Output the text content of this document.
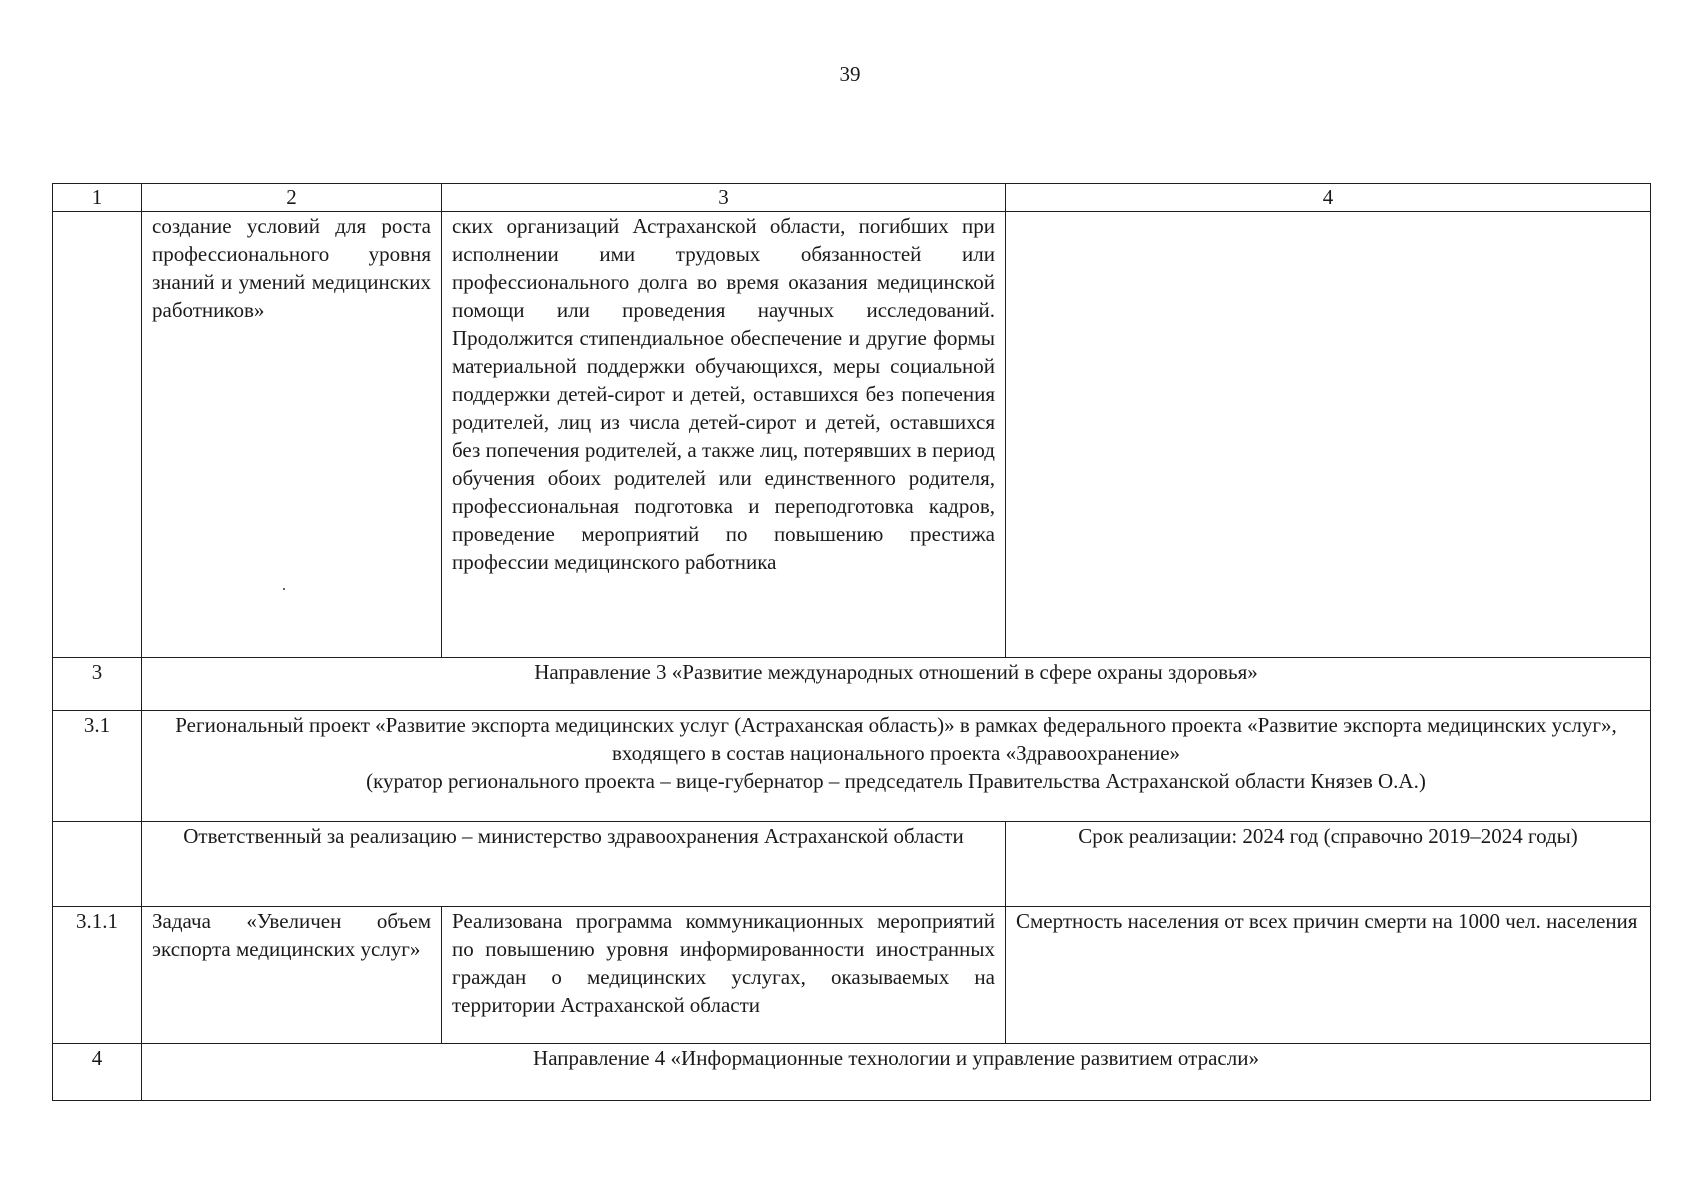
39
1	2	3	4
	создание условий для роста профессионального уровня знаний и умений медицинских работников»	ских организаций Астраханской области, погибших при исполнении ими трудовых обязанностей или профессионального долга во время оказания медицинской помощи или проведения научных исследований. Продолжится стипендиальное обеспечение и другие формы материальной поддержки обучающихся, меры социальной поддержки детей-сирот и детей, оставшихся без попечения родителей, лиц из числа детей-сирот и детей, оставшихся без попечения родителей, а также лиц, потерявших в период обучения обоих родителей или единственного родителя, профессиональная подготовка и переподготовка кадров, проведение мероприятий по повышению престижа профессии медицинского работника	
3	Направление 3 «Развитие международных отношений в сфере охраны здоровья»		
3.1	Региональный проект «Развитие экспорта медицинских услуг (Астраханская область)» в рамках федерального проекта «Развитие экспорта медицинских услуг», входящего в состав национального проекта «Здравоохранение»
(куратор регионального проекта – вице-губернатор – председатель Правительства Астраханской области Князев О.А.)		

	Ответственный за реализацию – министерство здравоохранения Астраханской области		Срок реализации: 2024 год (справочно 2019–2024 годы)
3.1.1	Задача «Увеличен объем экспорта медицинских услуг»	Реализована программа коммуникационных мероприятий по повышению уровня информированности иностранных граждан о медицинских услугах, оказываемых на территории Астраханской области	Смертность населения от всех причин смерти на 1000 чел. населения
4	Направление 4 «Информационные технологии и управление развитием отрасли»		
